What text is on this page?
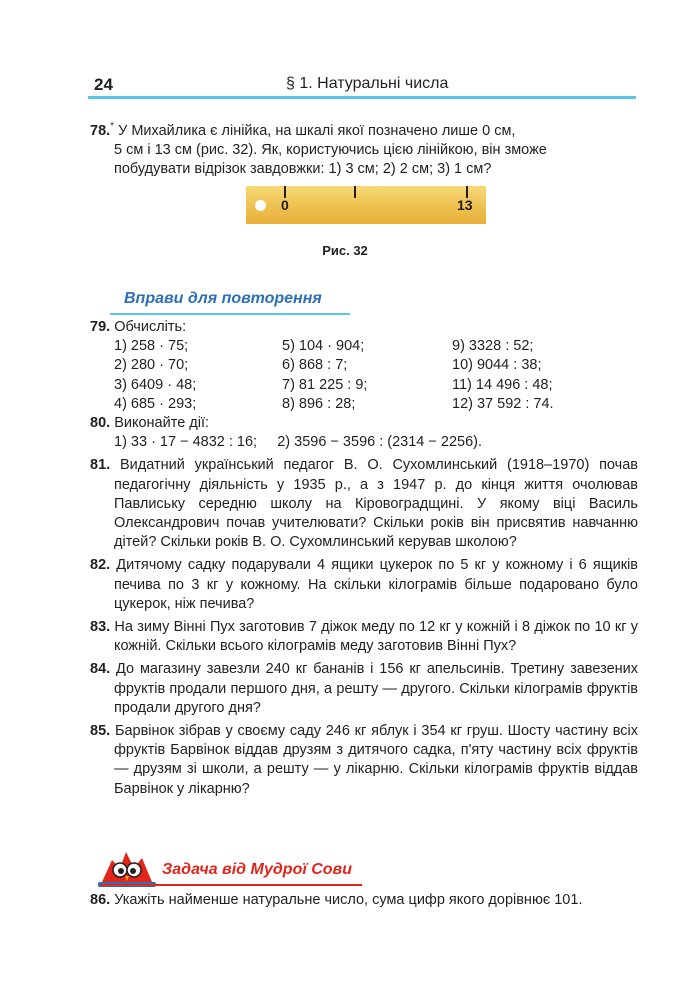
24	§ 1. Натуральні числа

78.* У Михайлика є лінійка, на шкалі якої позначено лише 0 см,
5 см і 13 см (рис. 32). Як, користуючись цією лінійкою, він зможе
побудувати відрізок завдовжки: 1) 3 см; 2) 2 см; 3) 1 см?

0	13
Рис. 32
Вправи для повторення

79. Обчисліть:

1) 258 · 75;	5) 104 · 904;	9) 3328 : 52;
2) 280 · 70;	6) 868 : 7;	10) 9044 : 38;
3) 6409 · 48;	7) 81 225 : 9;	11) 14 496 : 48;
4) 685 · 293;	8) 896 : 28;	12) 37 592 : 74.

80. Виконайте дії:

1) 33 · 17 − 4832 : 16;     2) 3596 − 3596 : (2314 − 2256).

81. Видатний український педагог В. О. Сухомлинський (1918–1970) почав педагогічну діяльність у 1935 р., а з 1947 р. до кінця життя очолював Павлиську середню школу на Кіровоградщині. У якому віці Василь Олександрович почав учителювати? Скільки років він присвятив навчанню дітей? Скільки років В. О. Сухомлинський керував школою?

82. Дитячому садку подарували 4 ящики цукерок по 5 кг у кожному і 6 ящиків печива по 3 кг у кожному. На скільки кілограмів більше подаровано було цукерок, ніж печива?

83. На зиму Вінні Пух заготовив 7 діжок меду по 12 кг у кожній і 8 діжок по 10 кг у кожній. Скільки всього кілограмів меду заготовив Вінні Пух?

84. До магазину завезли 240 кг бананів і 156 кг апельсинів. Третину завезених фруктів продали першого дня, а решту — другого. Скільки кілограмів фруктів продали другого дня?

85. Барвінок зібрав у своєму саду 246 кг яблук і 354 кг груш. Шосту частину всіх фруктів Барвінок віддав друзям з дитячого садка, п'яту частину всіх фруктів — друзям зі школи, а решту — у лікарню. Скільки кілограмів фруктів віддав Барвінок у лікарню?

Задача від Мудрої Сови

86. Укажіть найменше натуральне число, сума цифр якого дорівнює 101.
